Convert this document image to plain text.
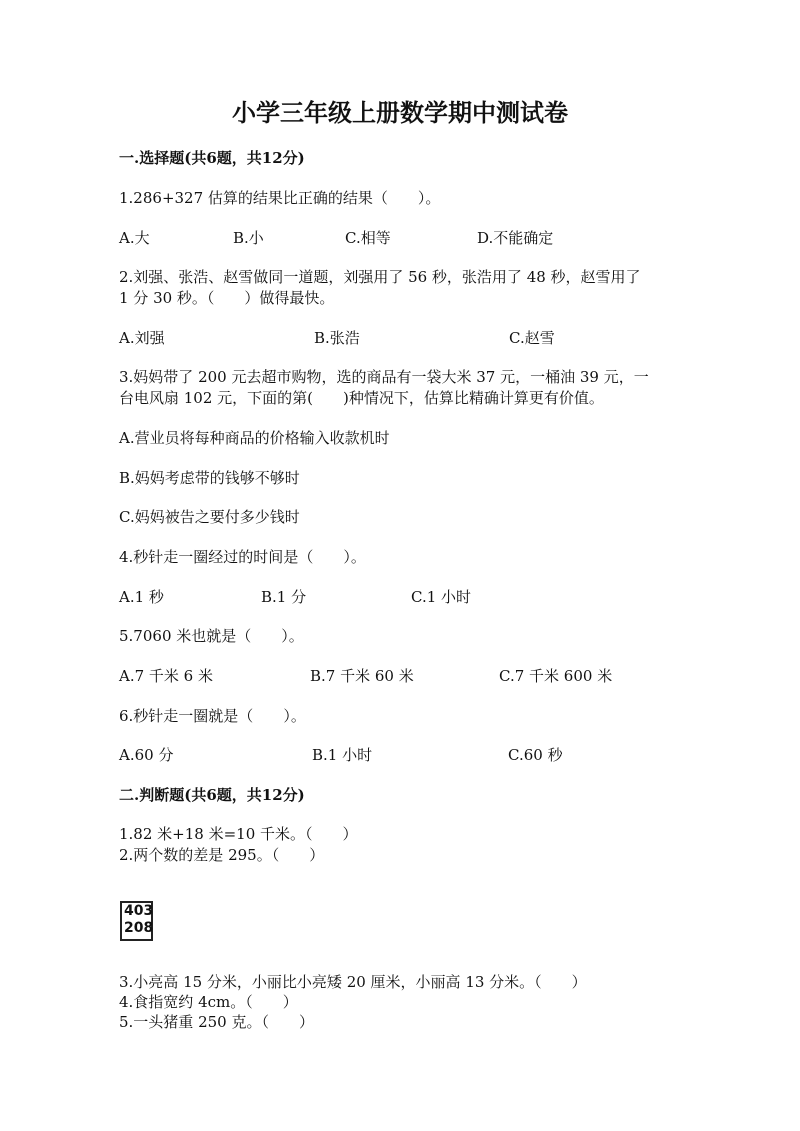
小学三年级上册数学期中测试卷
一.选择题(共6题，共12分)
1.286+327 估算的结果比正确的结果（　　）。
A.大	B.小	C.相等	D.不能确定
2.刘强、张浩、赵雪做同一道题，刘强用了 56 秒，张浩用了 48 秒，赵雪用了
1 分 30 秒。（　　）做得最快。
A.刘强	B.张浩	C.赵雪
3.妈妈带了 200 元去超市购物，选的商品有一袋大米 37 元，一桶油 39 元，一
台电风扇 102 元，下面的第(　　)种情况下，估算比精确计算更有价值。
A.营业员将每种商品的价格输入收款机时
B.妈妈考虑带的钱够不够时
C.妈妈被告之要付多少钱时
4.秒针走一圈经过的时间是（　　）。
A.1 秒	B.1 分	C.1 小时
5.7060 米也就是（　　）。
A.7 千米 6 米	B.7 千米 60 米	C.7 千米 600 米
6.秒针走一圈就是（　　）。
A.60 分	B.1 小时	C.60 秒
二.判断题(共6题，共12分)
1.82 米+18 米=10 千米。（　　）
2.两个数的差是 295。（　　）
403
208
3.小亮高 15 分米，小丽比小亮矮 20 厘米，小丽高 13 分米。（　　）
4.食指宽约 4cm。（　　）
5.一头猪重 250 克。（　　）
